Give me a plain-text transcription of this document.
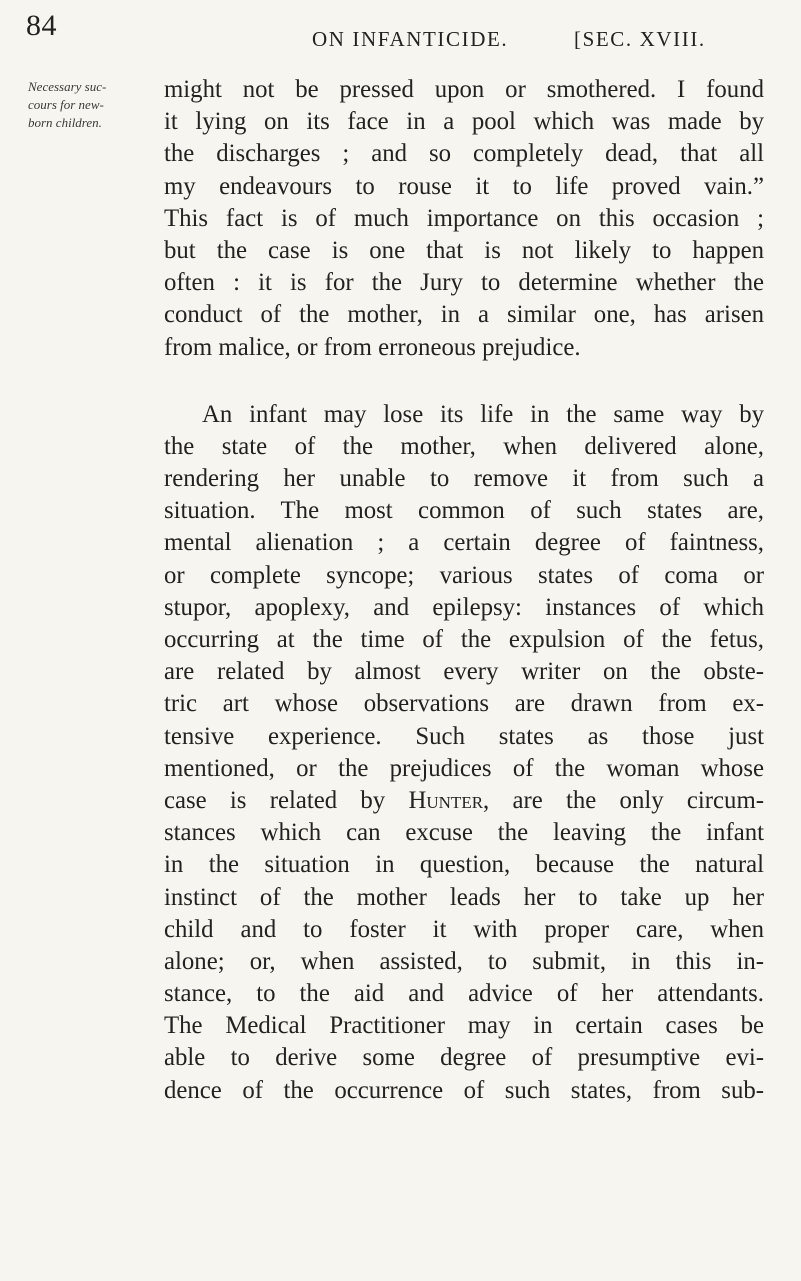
84	ON INFANTICIDE.	[SEC. XVIII.
Necessary suc-
cours for new-
born children.

might not be pressed upon or smothered. I found
it lying on its face in a pool which was made by
the discharges ; and so completely dead, that all
my endeavours to rouse it to life proved vain.”
This fact is of much importance on this occasion ;
but the case is one that is not likely to happen
often : it is for the Jury to determine whether the
conduct of the mother, in a similar one, has arisen
from malice, or from erroneous prejudice.

An infant may lose its life in the same way by
the state of the mother, when delivered alone,
rendering her unable to remove it from such a
situation. The most common of such states are,
mental alienation ; a certain degree of faintness,
or complete syncope; various states of coma or
stupor, apoplexy, and epilepsy: instances of which
occurring at the time of the expulsion of the fetus,
are related by almost every writer on the obste-
tric art whose observations are drawn from ex-
tensive experience. Such states as those just
mentioned, or the prejudices of the woman whose
case is related by Hunter, are the only circum-
stances which can excuse the leaving the infant
in the situation in question, because the natural
instinct of the mother leads her to take up her
child and to foster it with proper care, when
alone; or, when assisted, to submit, in this in-
stance, to the aid and advice of her attendants.
The Medical Practitioner may in certain cases be
able to derive some degree of presumptive evi-
dence of the occurrence of such states, from sub-
